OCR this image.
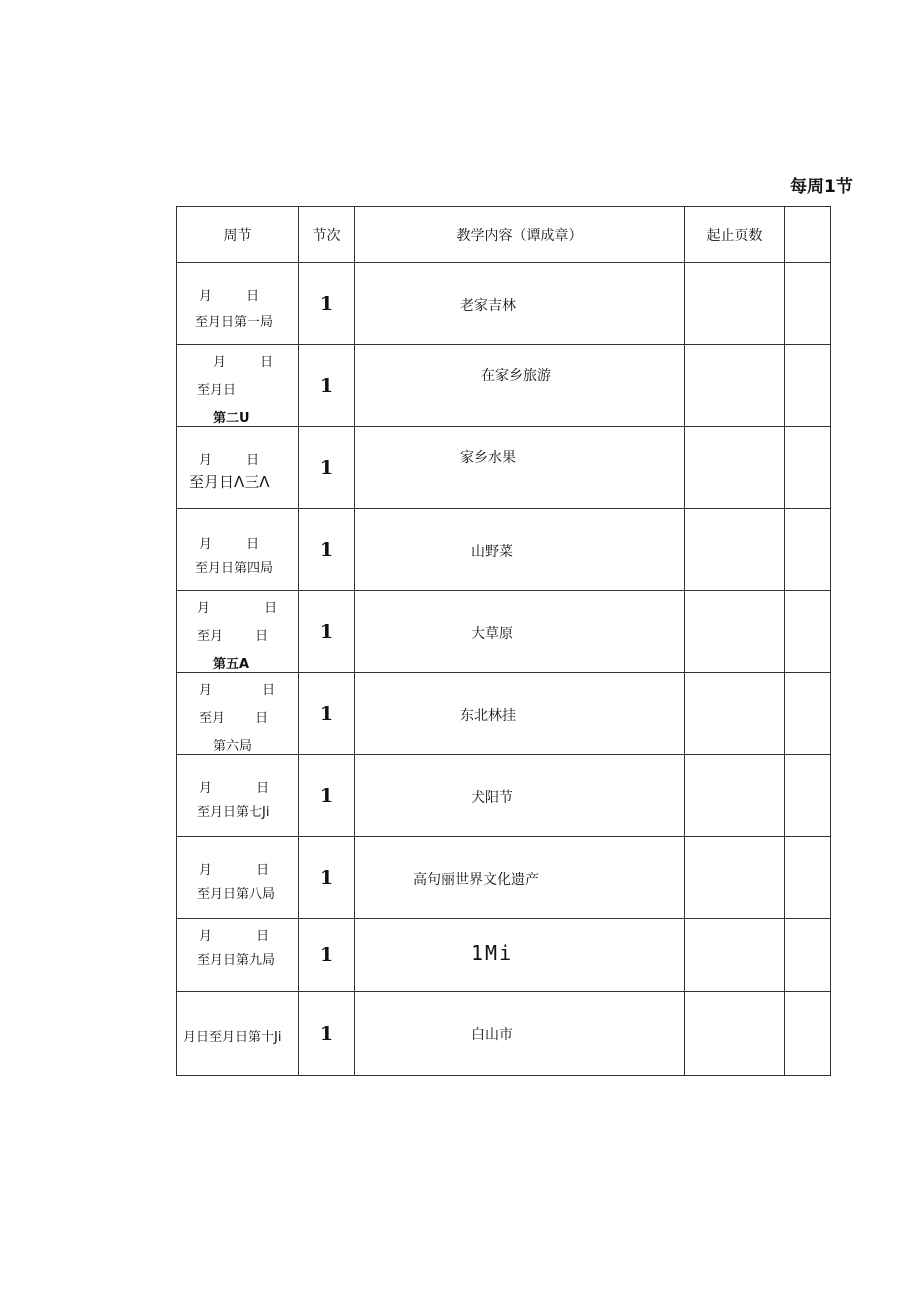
每周1节
周节	节次	教学内容（谭成章）	起止页数	

月 日
至月日第一局	1	老家吉林		

月 日
至月日
第二U	1	在家乡旅游		

月 日
至月日Λ三Λ	1	家乡水果		

月 日
至月日第四局	1	山野菜		

月 日
至月 日
第五A	1	大草原		

月 日
至月 日
第六局	1	东北林挂		

月 日
至月日第七Ji	1	犬阳节		

月 日
至月日第八局	1	高句丽世界文化遗产		

月 日
至月日第九局	1	1Mi		

月日至月日第十Ji	1	白山市		
